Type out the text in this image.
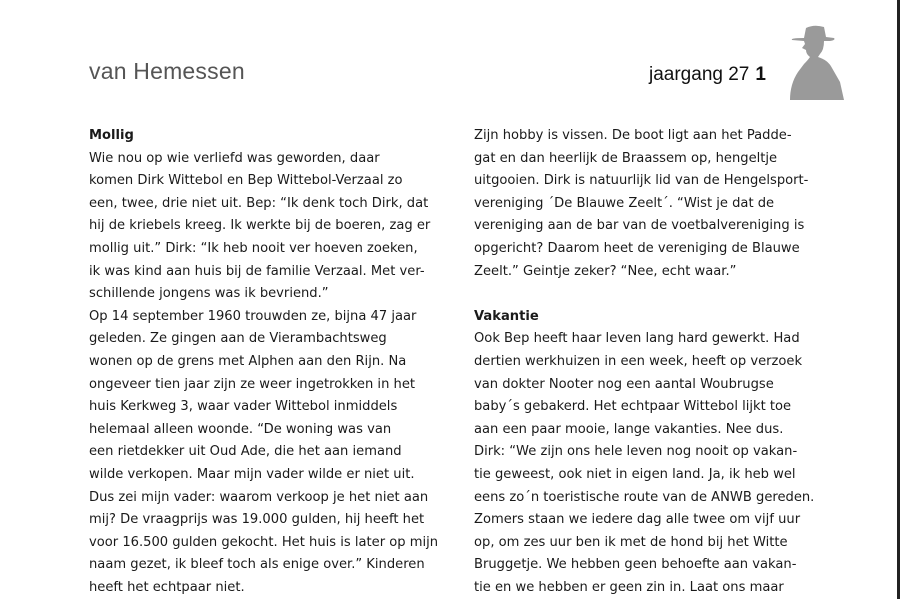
van Hemessen	jaargang 27 1
Mollig
Wie nou op wie verliefd was geworden, daar
komen Dirk Wittebol en Bep Wittebol-Verzaal zo
een, twee, drie niet uit. Bep: “Ik denk toch Dirk, dat
hij de kriebels kreeg. Ik werkte bij de boeren, zag er
mollig uit.” Dirk: “Ik heb nooit ver hoeven zoeken,
ik was kind aan huis bij de familie Verzaal. Met ver-
schillende jongens was ik bevriend.”
Op 14 september 1960 trouwden ze, bijna 47 jaar
geleden. Ze gingen aan de Vierambachtsweg
wonen op de grens met Alphen aan den Rijn. Na
ongeveer tien jaar zijn ze weer ingetrokken in het
huis Kerkweg 3, waar vader Wittebol inmiddels
helemaal alleen woonde. “De woning was van
een rietdekker uit Oud Ade, die het aan iemand
wilde verkopen. Maar mijn vader wilde er niet uit.
Dus zei mijn vader: waarom verkoop je het niet aan
mij? De vraagprijs was 19.000 gulden, hij heeft het
voor 16.500 gulden gekocht. Het huis is later op mijn
naam gezet, ik bleef toch als enige over.” Kinderen
heeft het echtpaar niet.
Zijn hobby is vissen. De boot ligt aan het Padde-
gat en dan heerlijk de Braassem op, hengeltje
uitgooien. Dirk is natuurlijk lid van de Hengelsport-
vereniging ´De Blauwe Zeelt´. “Wist je dat de
vereniging aan de bar van de voetbalvereniging is
opgericht? Daarom heet de vereniging de Blauwe
Zeelt.” Geintje zeker? “Nee, echt waar.”
Vakantie
Ook Bep heeft haar leven lang hard gewerkt. Had
dertien werkhuizen in een week, heeft op verzoek
van dokter Nooter nog een aantal Woubrugse
baby´s gebakerd. Het echtpaar Wittebol lijkt toe
aan een paar mooie, lange vakanties. Nee dus.
Dirk: “We zijn ons hele leven nog nooit op vakan-
tie geweest, ook niet in eigen land. Ja, ik heb wel
eens zo´n toeristische route van de ANWB gereden.
Zomers staan we iedere dag alle twee om vijf uur
op, om zes uur ben ik met de hond bij het Witte
Bruggetje. We hebben geen behoefte aan vakan-
tie en we hebben er geen zin in. Laat ons maar
